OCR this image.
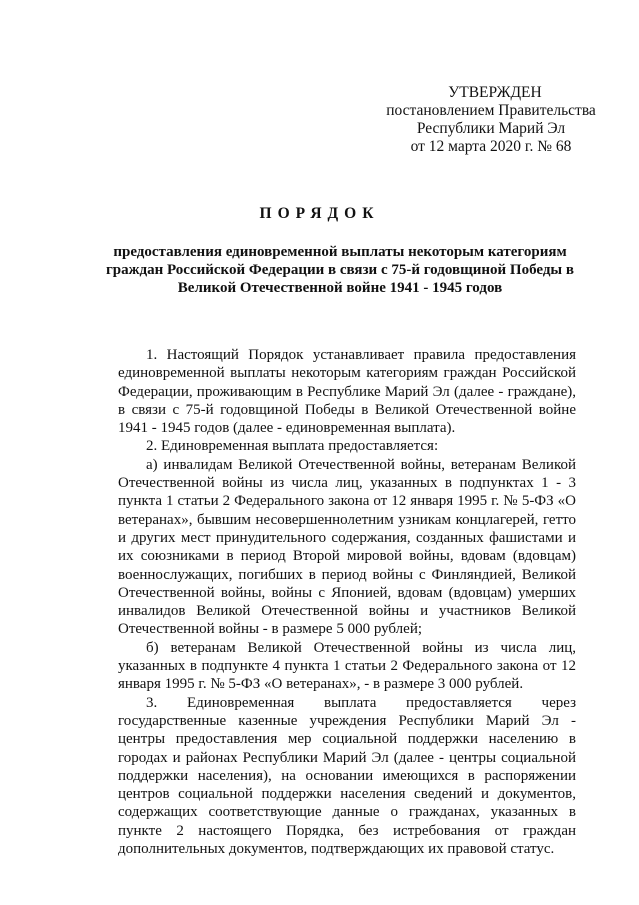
УТВЕРЖДЕН
постановлением Правительства
Республики Марий Эл
от 12 марта 2020 г. № 68
ПОРЯДОК
предоставления единовременной выплаты некоторым категориям граждан Российской Федерации в связи с 75-й годовщиной Победы в Великой Отечественной войне 1941 - 1945 годов

1. Настоящий Порядок устанавливает правила предоставления единовременной выплаты некоторым категориям граждан Российской Федерации, проживающим в Республике Марий Эл (далее - граждане), в связи с 75-й годовщиной Победы в Великой Отечественной войне 1941 - 1945 годов (далее - единовременная выплата).

2. Единовременная выплата предоставляется:

а) инвалидам Великой Отечественной войны, ветеранам Великой Отечественной войны из числа лиц, указанных в подпунктах 1 - 3 пункта 1 статьи 2 Федерального закона от 12 января 1995 г. № 5-ФЗ «О ветеранах», бывшим несовершеннолетним узникам концлагерей, гетто и других мест принудительного содержания, созданных фашистами и их союзниками в период Второй мировой войны, вдовам (вдовцам) военнослужащих, погибших в период войны с Финляндией, Великой Отечественной войны, войны с Японией, вдовам (вдовцам) умерших инвалидов Великой Отечественной войны и участников Великой Отечественной войны - в размере 5 000 рублей;

б) ветеранам Великой Отечественной войны из числа лиц, указанных в подпункте 4 пункта 1 статьи 2 Федерального закона от 12 января 1995 г. № 5-ФЗ «О ветеранах», - в размере 3 000 рублей.

3. Единовременная выплата предоставляется через государственные казенные учреждения Республики Марий Эл - центры предоставления мер социальной поддержки населению в городах и районах Республики Марий Эл (далее - центры социальной поддержки населения), на основании имеющихся в распоряжении центров социальной поддержки населения сведений и документов, содержащих соответствующие данные о гражданах, указанных в пункте 2 настоящего Порядка, без истребования от граждан дополнительных документов, подтверждающих их правовой статус.
